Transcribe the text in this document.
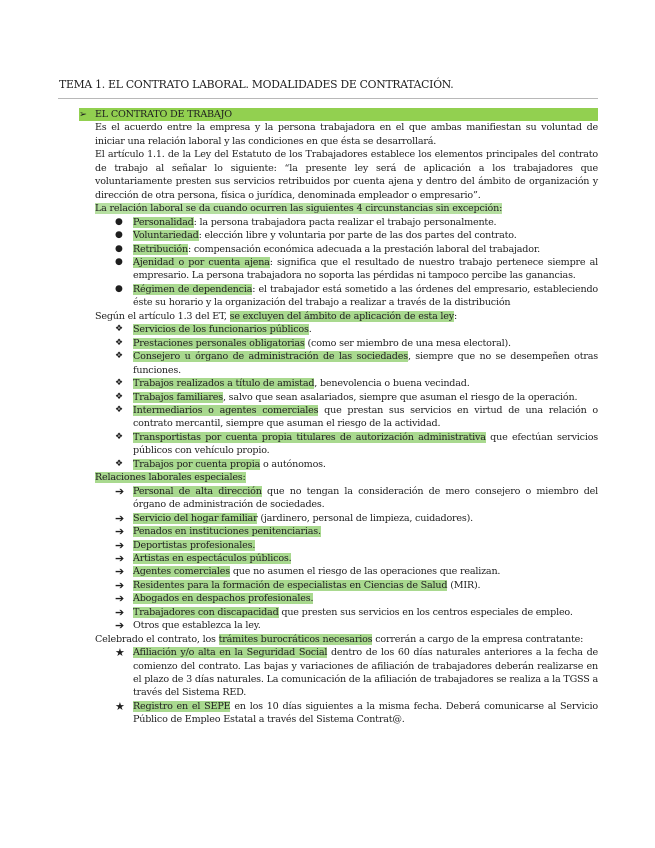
TEMA 1. EL CONTRATO LABORAL. MODALIDADES DE CONTRATACIÓN.
➢ EL CONTRATO DE TRABAJO
Es el acuerdo entre la empresa y la persona trabajadora en el que ambas manifiestan su voluntad de iniciar una relación laboral y las condiciones en que ésta se desarrollará.
El artículo 1.1. de la Ley del Estatuto de los Trabajadores establece los elementos principales del contrato de trabajo al señalar lo siguiente: “la presente ley será de aplicación a los trabajadores que voluntariamente presten sus servicios retribuidos por cuenta ajena y dentro del ámbito de organización y dirección de otra persona, física o jurídica, denominada empleador o empresario”.
La relación laboral se da cuando ocurren las siguientes 4 circunstancias sin excepción:
●	Personalidad: la persona trabajadora pacta realizar el trabajo personalmente.
●	Voluntariedad: elección libre y voluntaria por parte de las dos partes del contrato.
●	Retribución: compensación económica adecuada a la prestación laboral del trabajador.
●	Ajenidad o por cuenta ajena: significa que el resultado de nuestro trabajo pertenece siempre al empresario. La persona trabajadora no soporta las pérdidas ni tampoco percibe las ganancias.
●	Régimen de dependencia: el trabajador está sometido a las órdenes del empresario, estableciendo éste su horario y la organización del trabajo a realizar a través de la distribución
Según el artículo 1.3 del ET, se excluyen del ámbito de aplicación de esta ley:
❖	Servicios de los funcionarios públicos.
❖	Prestaciones personales obligatorias (como ser miembro de una mesa electoral).
❖	Consejero u órgano de administración de las sociedades, siempre que no se desempeñen otras funciones.
❖	Trabajos realizados a título de amistad, benevolencia o buena vecindad.
❖	Trabajos familiares, salvo que sean asalariados, siempre que asuman el riesgo de la operación.
❖	Intermediarios o agentes comerciales que prestan sus servicios en virtud de una relación o contrato mercantil, siempre que asuman el riesgo de la actividad.
❖	Transportistas por cuenta propia titulares de autorización administrativa que efectúan servicios públicos con vehículo propio.
❖	Trabajos por cuenta propia o autónomos.
Relaciones laborales especiales:
➔ Personal de alta dirección que no tengan la consideración de mero consejero o miembro del órgano de administración de sociedades.
➔ Servicio del hogar familiar (jardinero, personal de limpieza, cuidadores).
➔ Penados en instituciones penitenciarias.
➔ Deportistas profesionales.
➔ Artistas en espectáculos públicos.
➔ Agentes comerciales que no asumen el riesgo de las operaciones que realizan.
➔ Residentes para la formación de especialistas en Ciencias de Salud (MIR).
➔ Abogados en despachos profesionales.
➔ Trabajadores con discapacidad que presten sus servicios en los centros especiales de empleo.
➔ Otros que establezca la ley.
Celebrado el contrato, los trámites burocráticos necesarios correrán a cargo de la empresa contratante:
★ Afiliación y/o alta en la Seguridad Social dentro de los 60 días naturales anteriores a la fecha de comienzo del contrato. Las bajas y variaciones de afiliación de trabajadores deberán realizarse en el plazo de 3 días naturales. La comunicación de la afiliación de trabajadores se realiza a la TGSS a través del Sistema RED.
★ Registro en el SEPE en los 10 días siguientes a la misma fecha. Deberá comunicarse al Servicio Público de Empleo Estatal a través del Sistema Contrat@.
